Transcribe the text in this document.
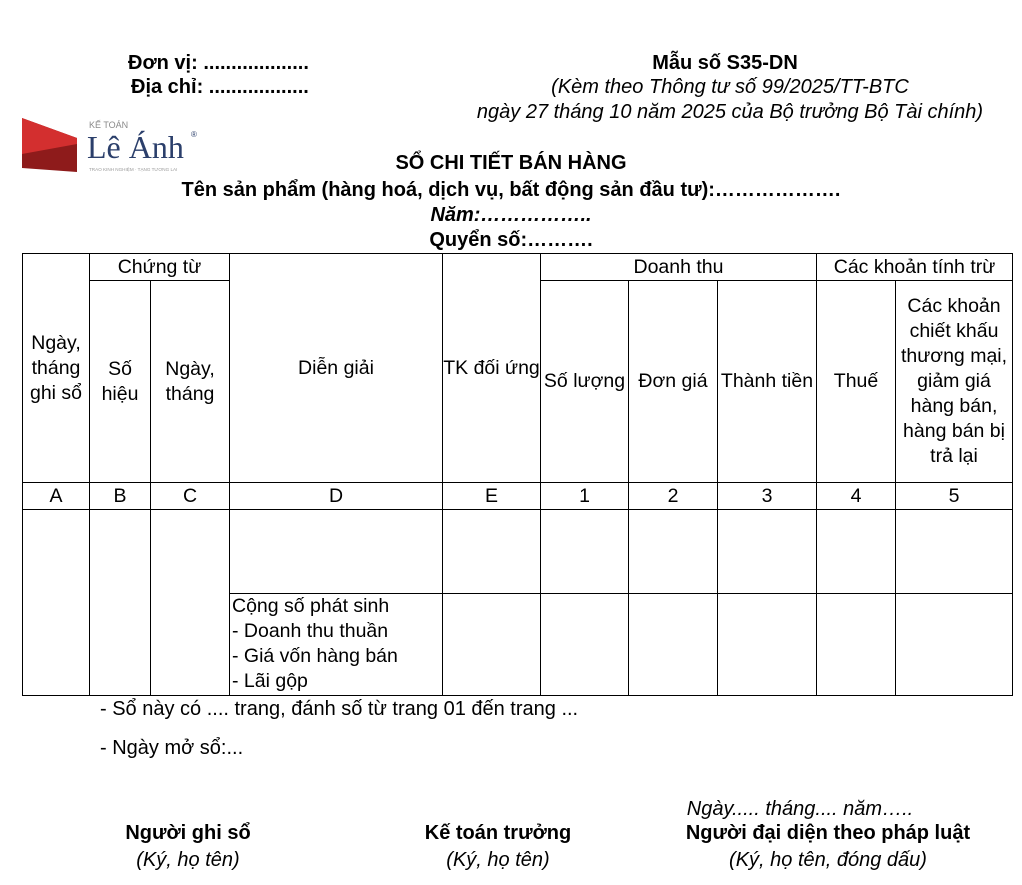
Đơn vị: ...................
Địa chỉ: ..................
Mẫu số S35-DN
(Kèm theo Thông tư số 99/2025/TT-BTC
ngày 27 tháng 10 năm 2025 của Bộ trưởng Bộ Tài chính)
KẾ TOÁN
Lê Ánh ®
TRAO KINH NGHIỆM · TẠNG TƯƠNG LAI	SỔ CHI TIẾT BÁN HÀNG
Tên sản phẩm (hàng hoá, dịch vụ, bất động sản đầu tư):……………….
Năm:……………..
Quyển số:……….
Ngày, tháng ghi sổ	Chứng từ		Diễn giải	TK đối ứng	Doanh thu			Các khoản tính trừ		
	Số hiệu	Ngày, tháng			Số lượng	Đơn giá	Thành tiền	Thuế	Các khoản chiết khấu thương mại, giảm giá hàng bán, hàng bán bị trả lại	
A	B	C	D	E	1	2	3	4	5	

			Cộng số phát sinh
- Doanh thu thuần
- Giá vốn hàng bán
- Lãi gộp							

- Sổ này có .... trang, đánh số từ trang 01 đến trang ...
- Ngày mở sổ:...
Ngày..... tháng.... năm…..
Người ghi sổ
(Ký, họ tên)
Kế toán trưởng
(Ký, họ tên)
Người đại diện theo pháp luật
(Ký, họ tên, đóng dấu)
